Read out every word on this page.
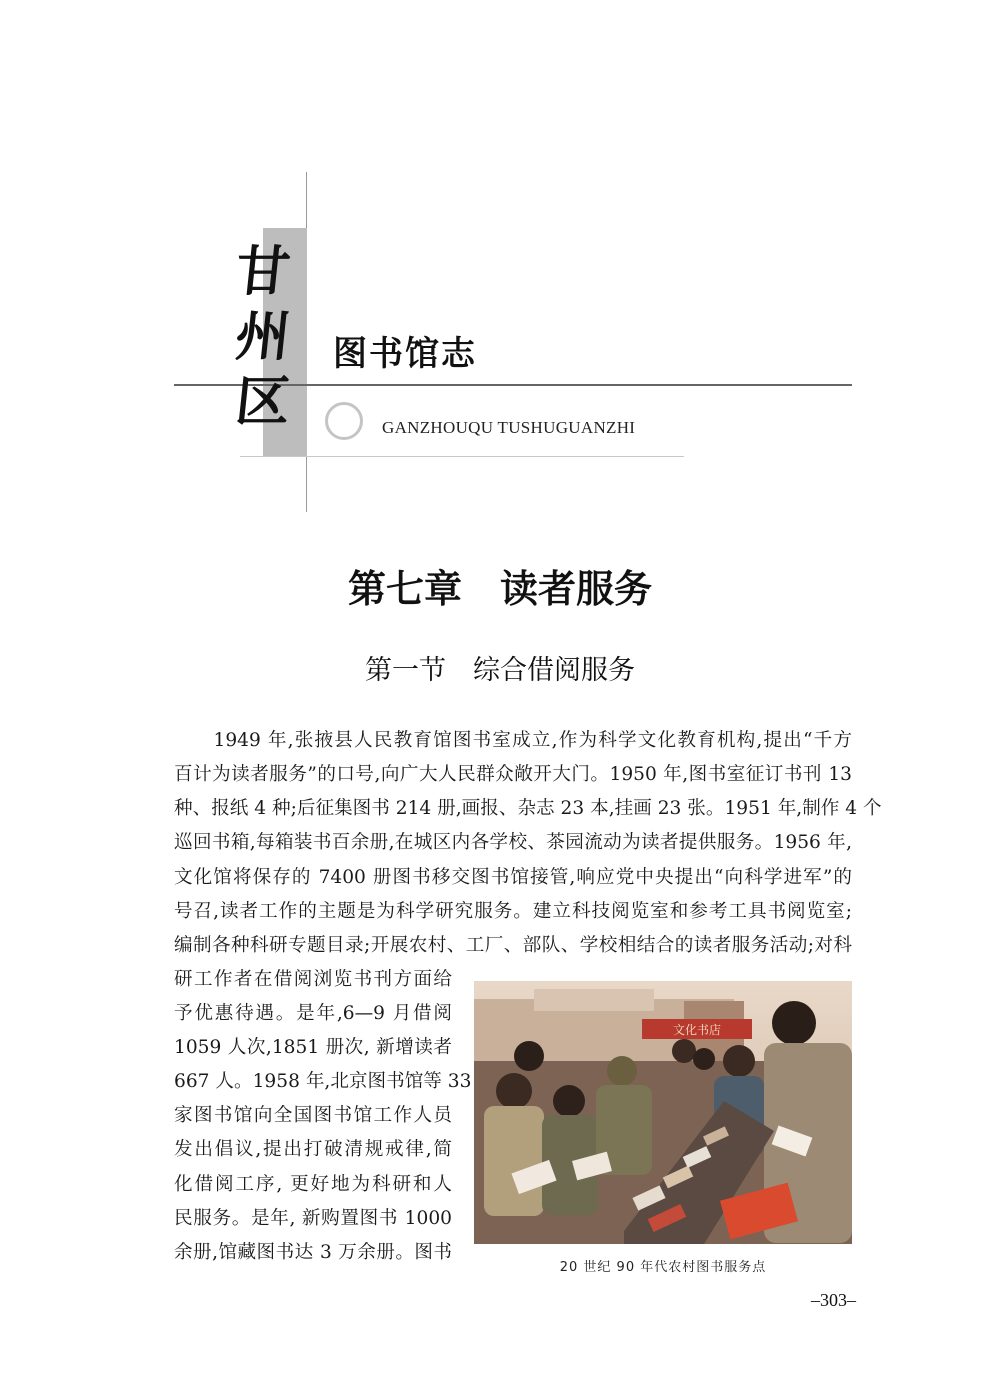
甘
州
区
图书馆志
GANZHOUQU TUSHUGUANZHI
第七章　读者服务
第一节　综合借阅服务
　　1949 年,张掖县人民教育馆图书室成立,作为科学文化教育机构,提出“千方
百计为读者服务”的口号,向广大人民群众敞开大门。1950 年,图书室征订书刊 13
种、报纸 4 种;后征集图书 214 册,画报、杂志 23 本,挂画 23 张。1951 年,制作 4 个
巡回书箱,每箱装书百余册,在城区内各学校、茶园流动为读者提供服务。1956 年,
文化馆将保存的 7400 册图书移交图书馆接管,响应党中央提出“向科学进军”的
号召,读者工作的主题是为科学研究服务。建立科技阅览室和参考工具书阅览室;
编制各种科研专题目录;开展农村、工厂、部队、学校相结合的读者服务活动;对科
研工作者在借阅浏览书刊方面给
予优惠待遇。是年,6—9 月借阅
1059 人次,1851 册次, 新增读者
667 人。1958 年,北京图书馆等 33
家图书馆向全国图书馆工作人员
发出倡议,提出打破清规戒律,简
化借阅工序, 更好地为科研和人
民服务。是年, 新购置图书 1000
余册,馆藏图书达 3 万余册。图书
文化书店
20 世纪 90 年代农村图书服务点
–303–
